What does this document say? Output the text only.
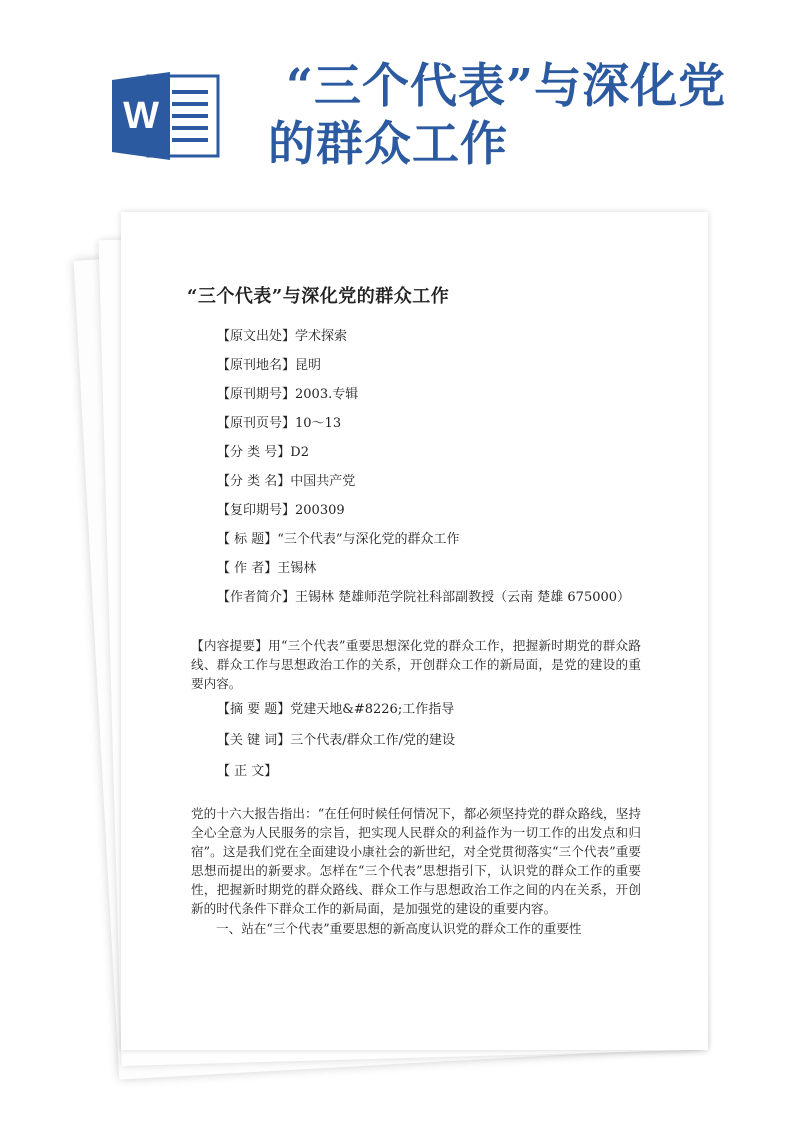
W
“三个代表”与深化党
的群众工作
“三个代表”与深化党的群众工作
【原文出处】学术探索
【原刊地名】昆明
【原刊期号】2003.专辑
【原刊页号】10～13
【分 类 号】D2
【分 类 名】中国共产党
【复印期号】200309
【 标 题】“三个代表”与深化党的群众工作
【 作 者】王锡林
【作者简介】王锡林 楚雄师范学院社科部副教授（云南 楚雄 675000）

【内容提要】用“三个代表”重要思想深化党的群众工作，把握新时期党的群众路线、群众工作与思想政治工作的关系，开创群众工作的新局面，是党的建设的重要内容。

【摘 要 题】党建天地&#8226;工作指导
【关 键 词】三个代表/群众工作/党的建设
【 正 文】

党的十六大报告指出：“在任何时候任何情况下，都必须坚持党的群众路线，坚持全心全意为人民服务的宗旨，把实现人民群众的利益作为一切工作的出发点和归宿”。这是我们党在全面建设小康社会的新世纪，对全党贯彻落实“三个代表”重要思想而提出的新要求。怎样在“三个代表”思想指引下，认识党的群众工作的重要性，把握新时期党的群众路线、群众工作与思想政治工作之间的内在关系，开创新的时代条件下群众工作的新局面，是加强党的建设的重要内容。

一、站在“三个代表”重要思想的新高度认识党的群众工作的重要性
